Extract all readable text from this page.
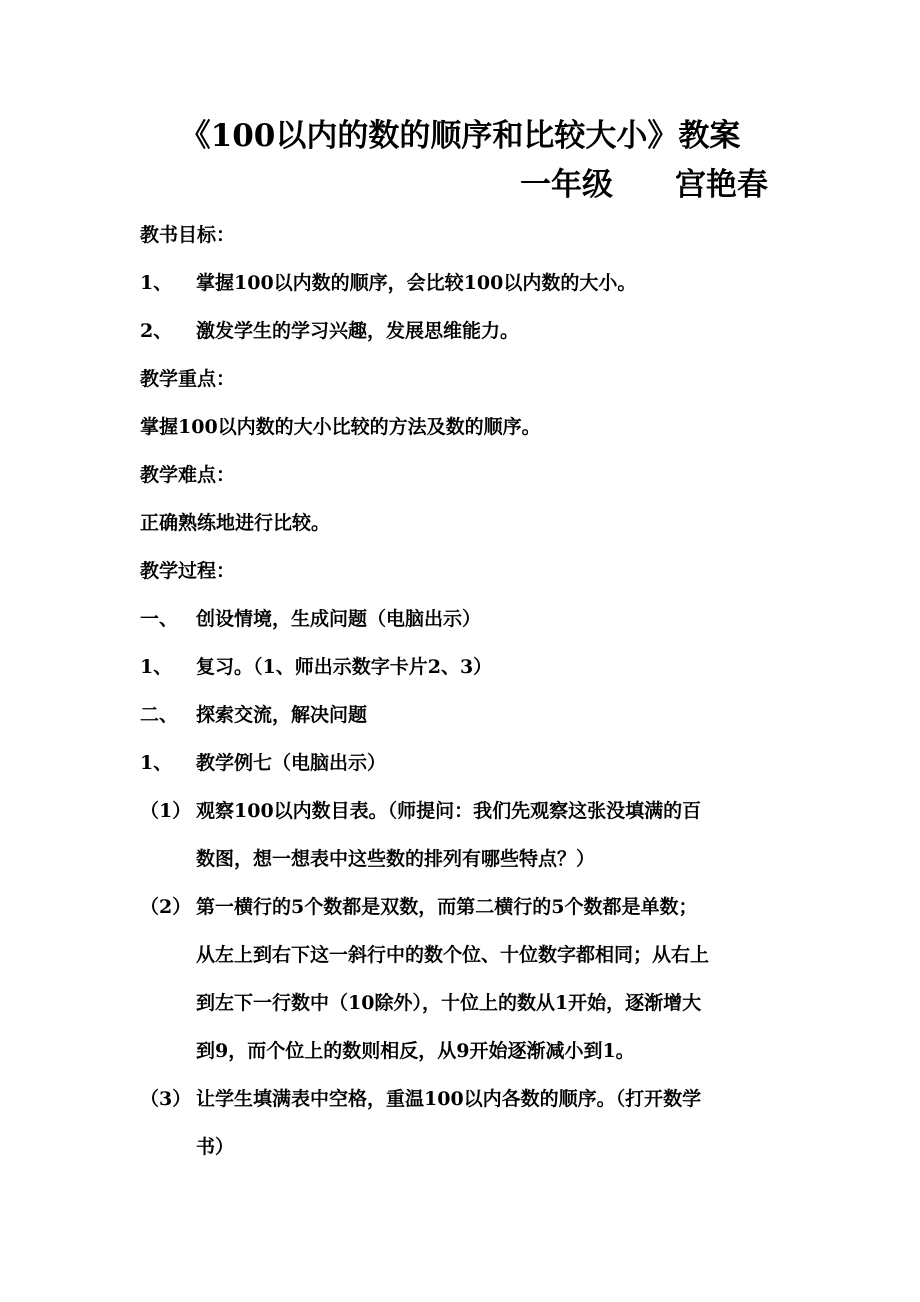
《100以内的数的顺序和比较大小》教案
一年级　　宫艳春
教书目标：
1、 掌握100以内数的顺序，会比较100以内数的大小。
2、 激发学生的学习兴趣，发展思维能力。
教学重点：
掌握100以内数的大小比较的方法及数的顺序。
教学难点：
正确熟练地进行比较。
教学过程：
一、 创设情境，生成问题（电脑出示）
1、 复习。（1、师出示数字卡片2、3）
二、 探索交流，解决问题
1、 教学例七（电脑出示）
（1） 观察100以内数目表。（师提问：我们先观察这张没填满的百
数图，想一想表中这些数的排列有哪些特点？）
（2） 第一横行的5个数都是双数，而第二横行的5个数都是单数；
从左上到右下这一斜行中的数个位、十位数字都相同；从右上
到左下一行数中（10除外），十位上的数从1开始，逐渐增大
到9，而个位上的数则相反，从9开始逐渐减小到1。
（3） 让学生填满表中空格，重温100以内各数的顺序。（打开数学
书）
